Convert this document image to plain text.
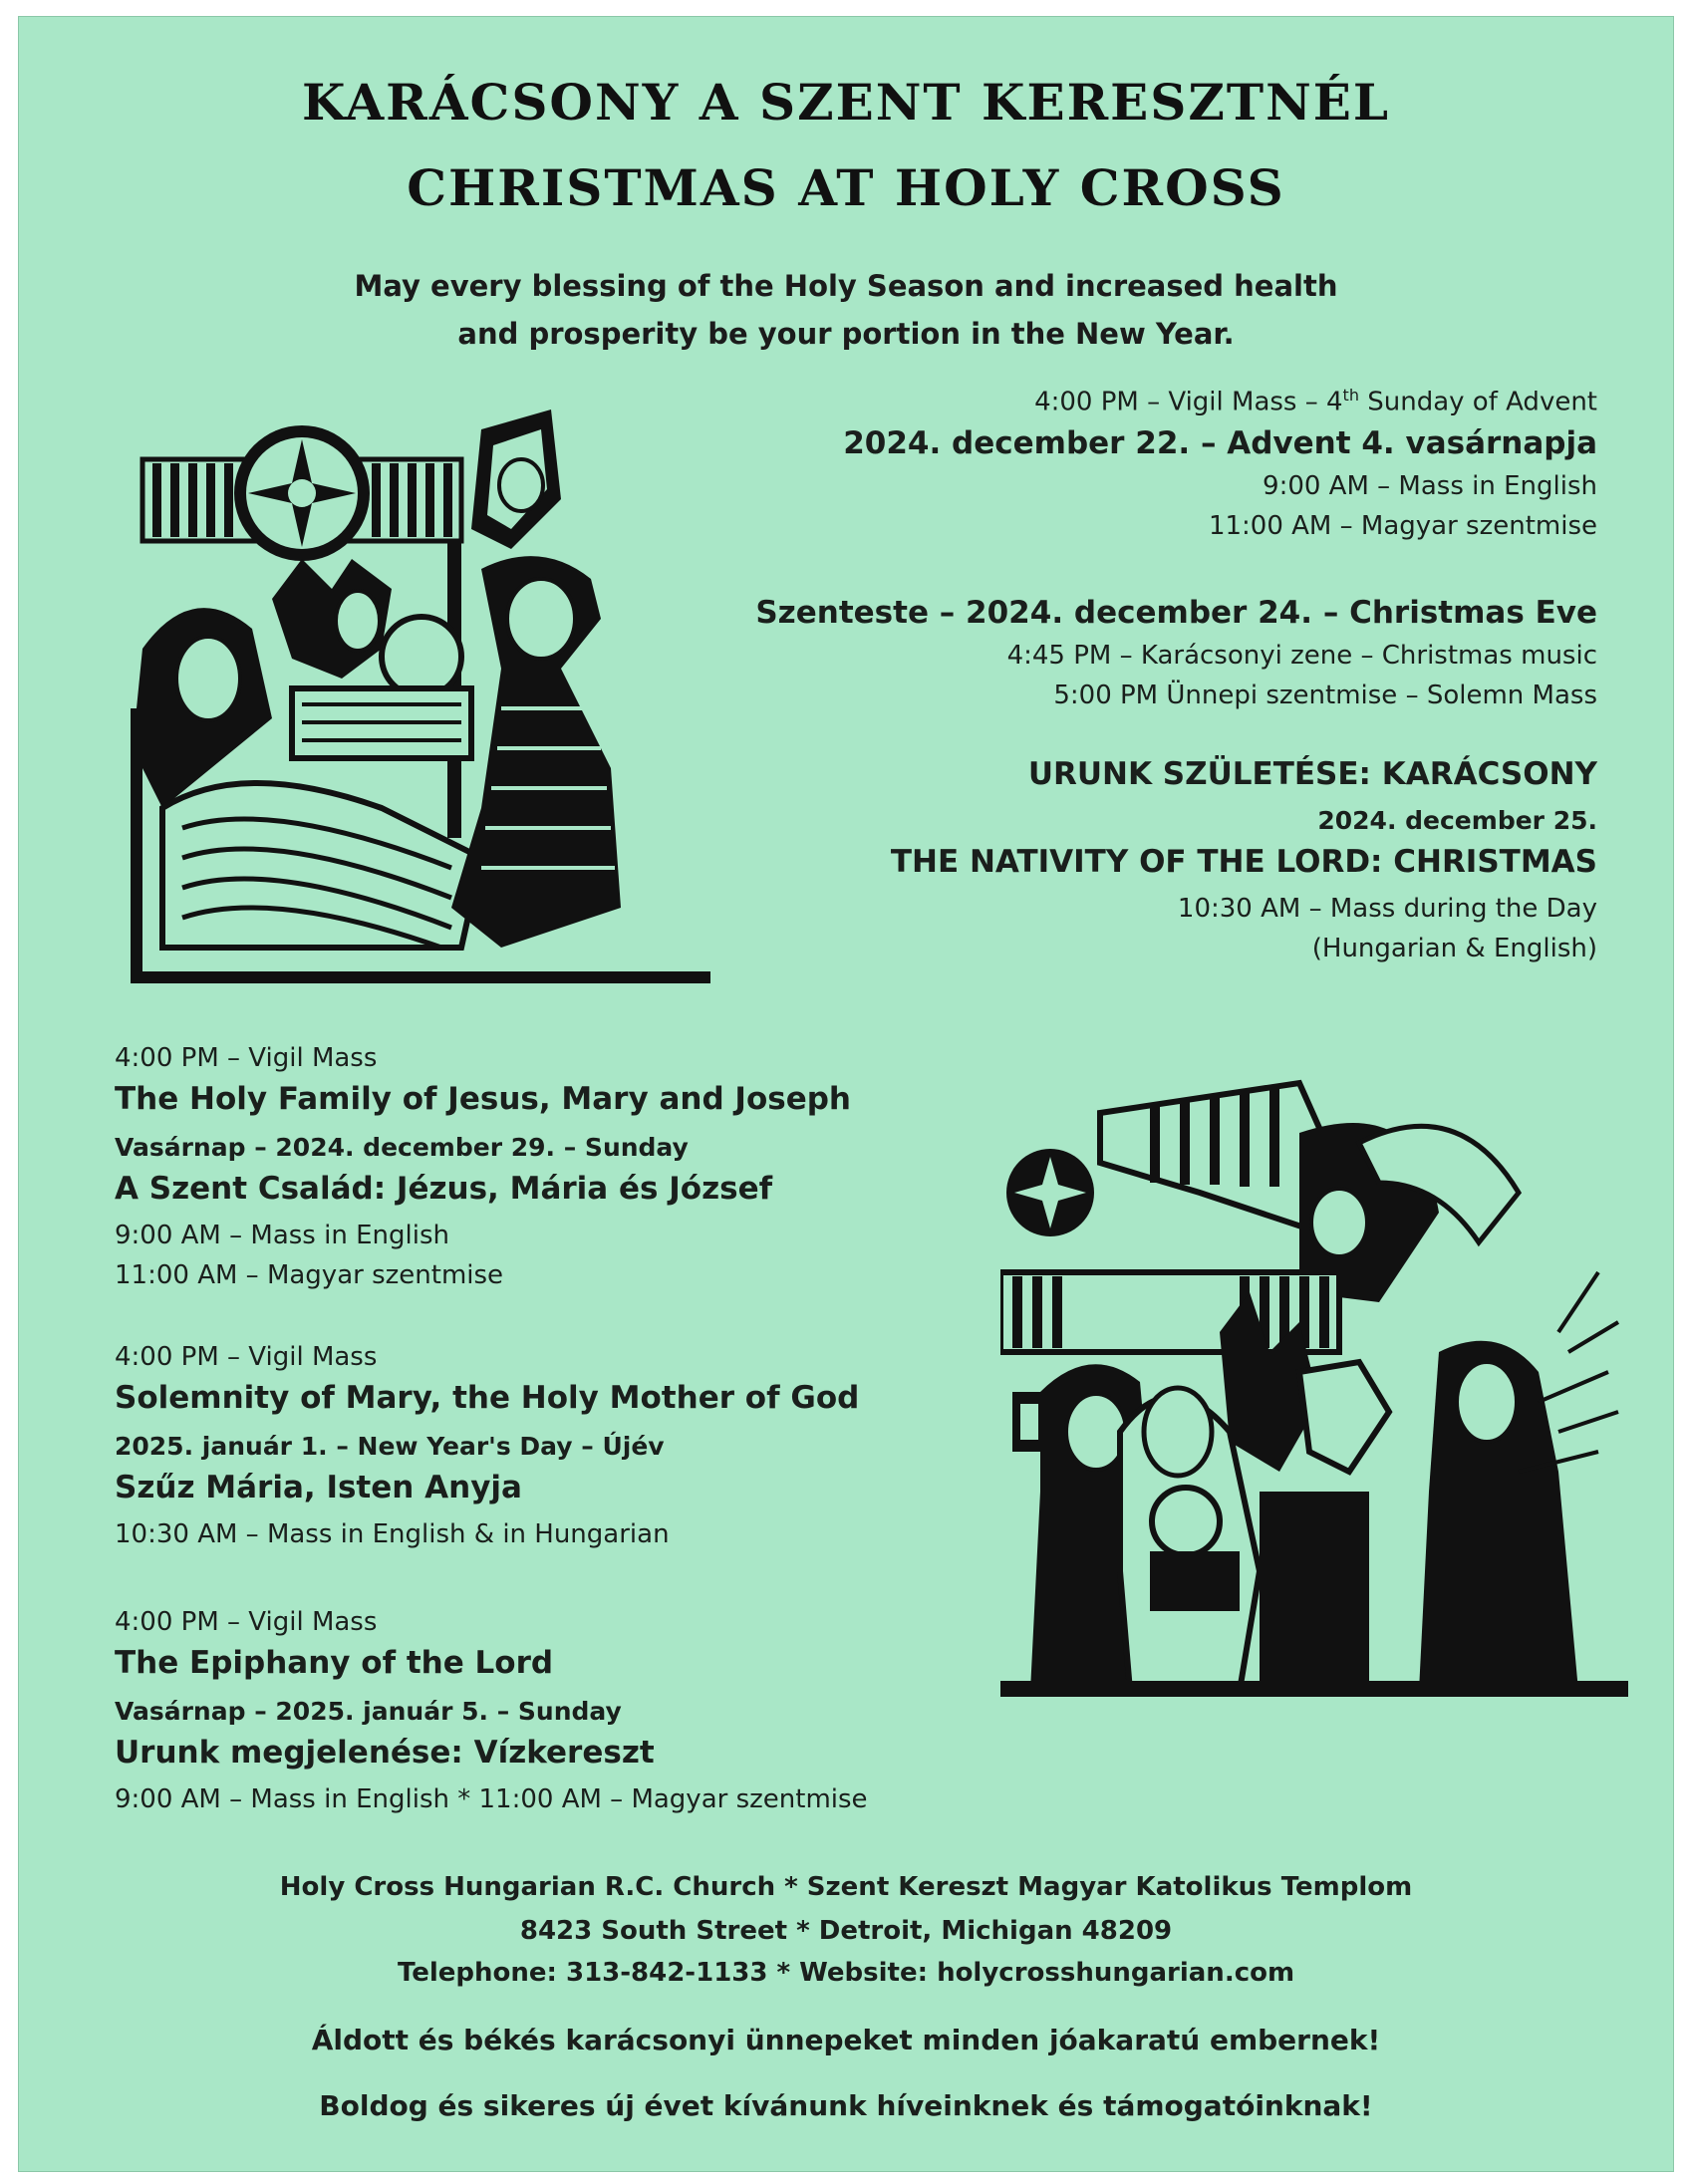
KARÁCSONY A SZENT KERESZTNÉL
CHRISTMAS AT HOLY CROSS
May every blessing of the Holy Season and increased health
and prosperity be your portion in the New Year.
4:00 PM – Vigil Mass – 4th Sunday of Advent
2024. december 22. – Advent 4. vasárnapja
9:00 AM – Mass in English
11:00 AM – Magyar szentmise
Szenteste – 2024. december 24. – Christmas Eve
4:45 PM – Karácsonyi zene – Christmas music
5:00 PM Ünnepi szentmise – Solemn Mass
URUNK SZÜLETÉSE: KARÁCSONY
2024. december 25.
THE NATIVITY OF THE LORD: CHRISTMAS
10:30 AM – Mass during the Day
(Hungarian & English)
4:00 PM – Vigil Mass
The Holy Family of Jesus, Mary and Joseph
Vasárnap – 2024. december 29. – Sunday
A Szent Család: Jézus, Mária és József
9:00 AM – Mass in English
11:00 AM – Magyar szentmise
4:00 PM – Vigil Mass
Solemnity of Mary, the Holy Mother of God
2025. január 1. – New Year's Day – Újév
Szűz Mária, Isten Anyja
10:30 AM – Mass in English & in Hungarian
4:00 PM – Vigil Mass
The Epiphany of the Lord
Vasárnap – 2025. január 5. – Sunday
Urunk megjelenése: Vízkereszt
9:00 AM – Mass in English * 11:00 AM – Magyar szentmise
Holy Cross Hungarian R.C. Church * Szent Kereszt Magyar Katolikus Templom
8423 South Street * Detroit, Michigan 48209
Telephone: 313-842-1133 * Website: holycrosshungarian.com
Áldott és békés karácsonyi ünnepeket minden jóakaratú embernek!
Boldog és sikeres új évet kívánunk híveinknek és támogatóinknak!
